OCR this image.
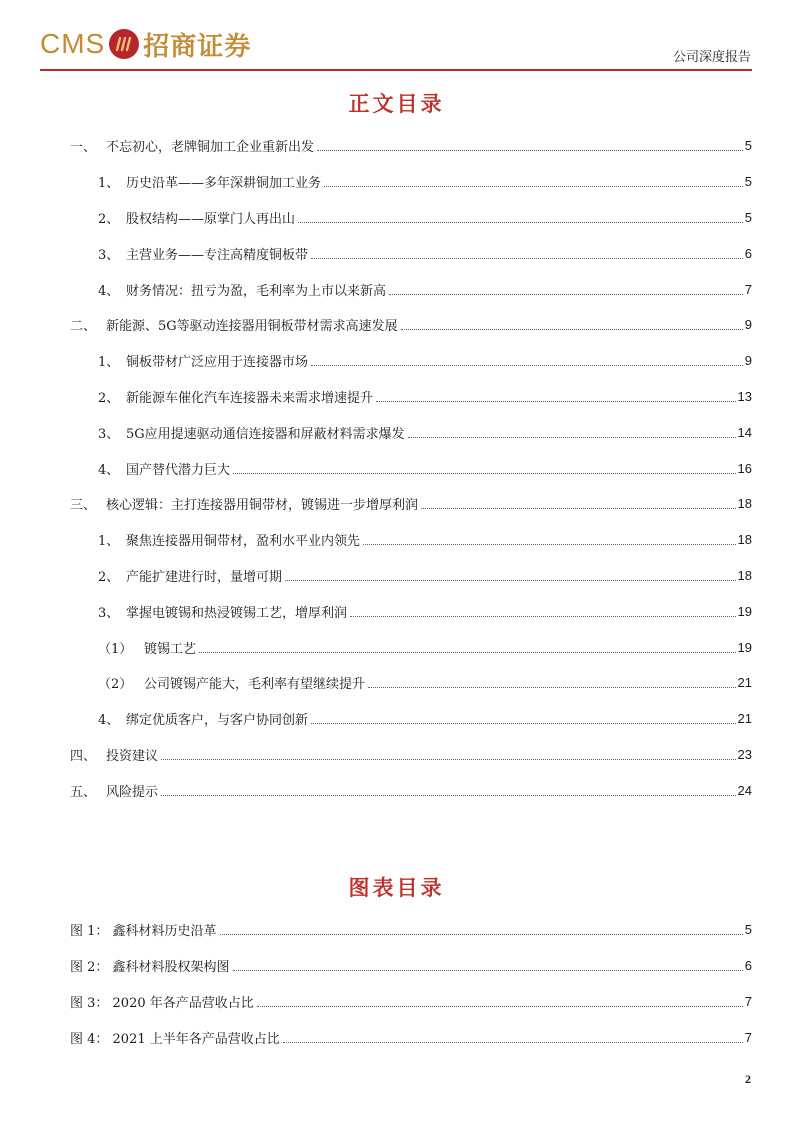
CMS 招商证券	公司深度报告
正文目录
一、 不忘初心，老牌铜加工企业重新出发	5
1、 历史沿革——多年深耕铜加工业务	5
2、 股权结构——原掌门人再出山	5
3、 主营业务——专注高精度铜板带	6
4、 财务情况：扭亏为盈，毛利率为上市以来新高	7
二、 新能源、5G等驱动连接器用铜板带材需求高速发展	9
1、 铜板带材广泛应用于连接器市场	9
2、 新能源车催化汽车连接器未来需求增速提升	13
3、 5G应用提速驱动通信连接器和屏蔽材料需求爆发	14
4、 国产替代潜力巨大	16
三、 核心逻辑：主打连接器用铜带材，镀锡进一步增厚利润	18
1、 聚焦连接器用铜带材，盈利水平业内领先	18
2、 产能扩建进行时，量增可期	18
3、 掌握电镀锡和热浸镀锡工艺，增厚利润	19
（1） 镀锡工艺	19
（2） 公司镀锡产能大，毛利率有望继续提升	21
4、 绑定优质客户，与客户协同创新	21
四、 投资建议	23
五、 风险提示	24
图表目录
图 1： 鑫科材料历史沿革	5
图 2： 鑫科材料股权架构图	6
图 3： 2020 年各产品营收占比	7
图 4： 2021 上半年各产品营收占比	7
2
